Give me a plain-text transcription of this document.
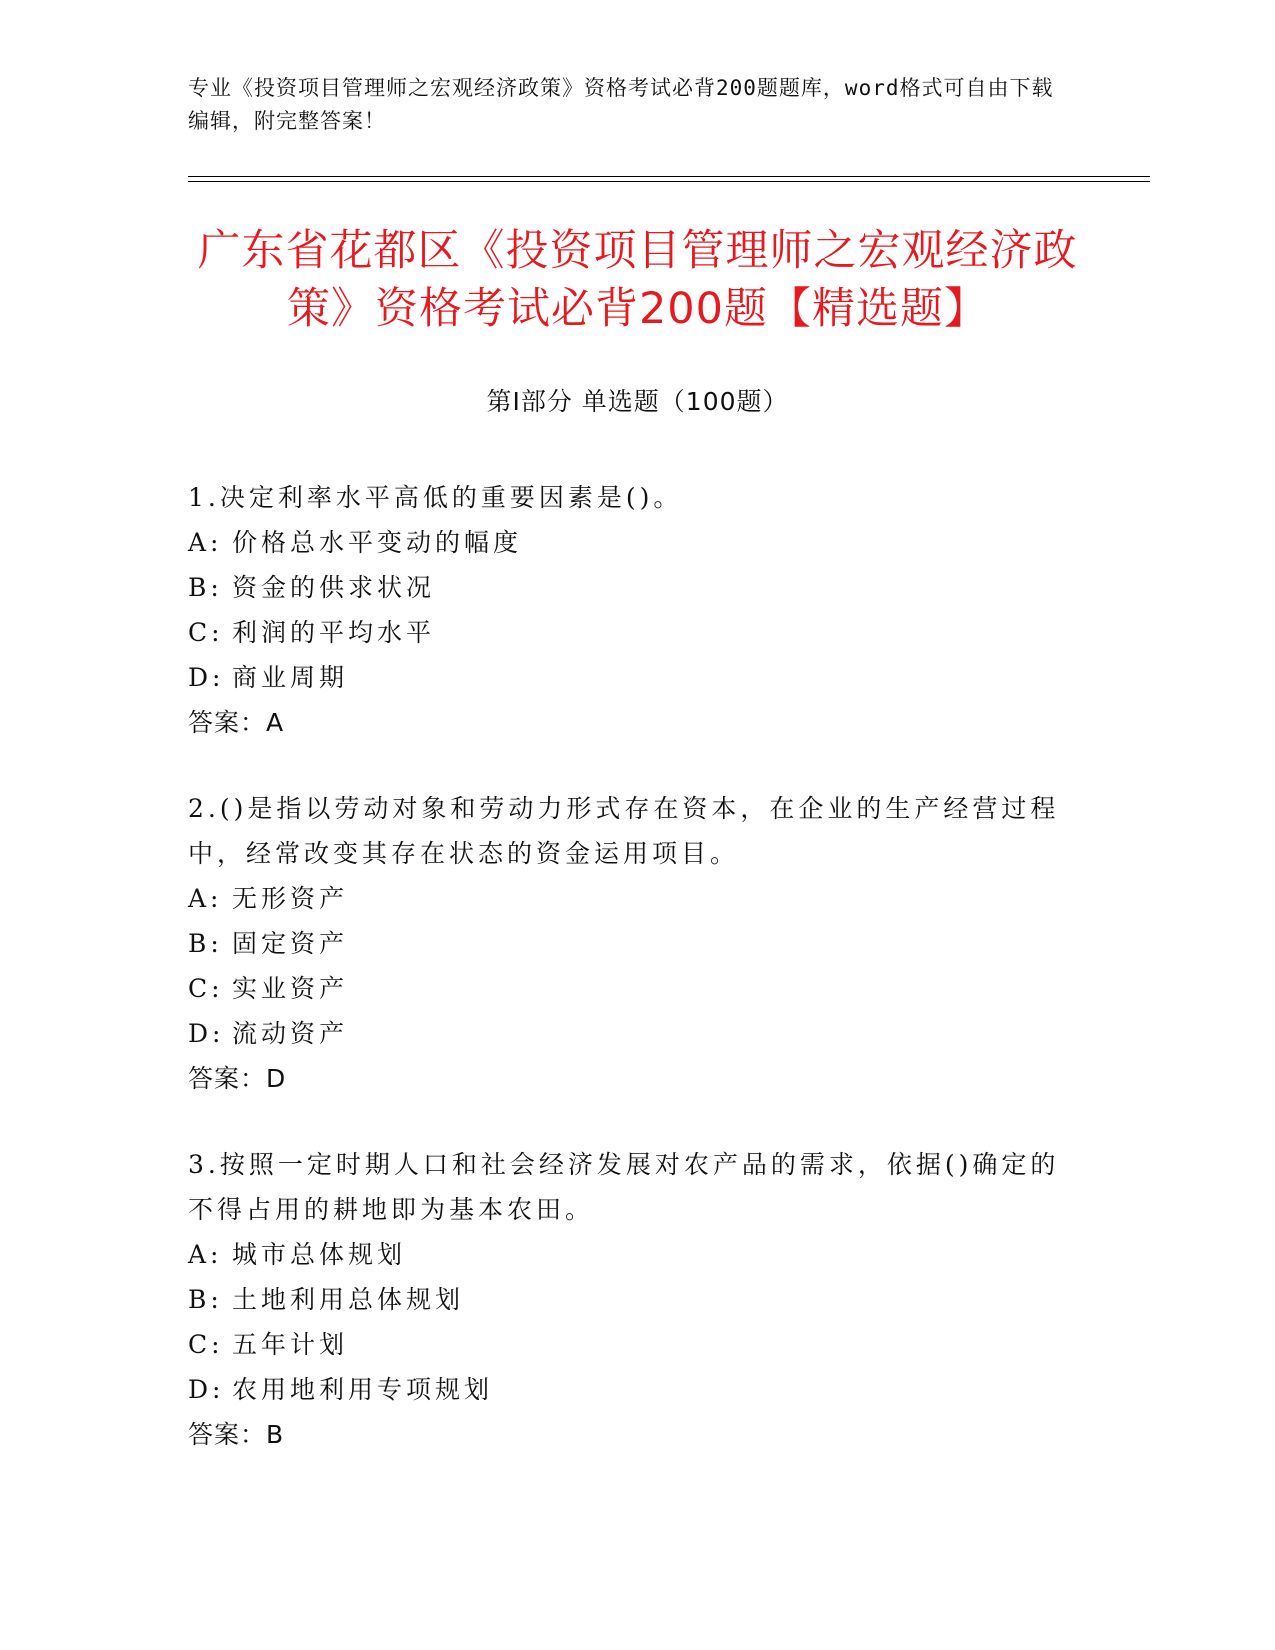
专业《投资项目管理师之宏观经济政策》资格考试必背200题题库，word格式可自由下载编辑，附完整答案！
广东省花都区《投资项目管理师之宏观经济政策》资格考试必背200题【精选题】
第Ⅰ部分 单选题（100题）
1.决定利率水平高低的重要因素是()。
A: 价格总水平变动的幅度
B: 资金的供求状况
C: 利润的平均水平
D: 商业周期
答案：A
2.()是指以劳动对象和劳动力形式存在资本，在企业的生产经营过程中，经常改变其存在状态的资金运用项目。
A: 无形资产
B: 固定资产
C: 实业资产
D: 流动资产
答案：D
3.按照一定时期人口和社会经济发展对农产品的需求，依据()确定的不得占用的耕地即为基本农田。
A: 城市总体规划
B: 土地利用总体规划
C: 五年计划
D: 农用地利用专项规划
答案：B
